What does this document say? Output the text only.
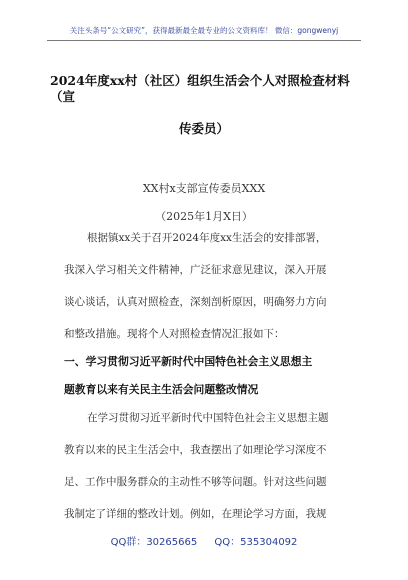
关注头条号“公文研究”，获得最新最全最专业的公文资料库！ 微信：gongwenyj
2024年度xx村（社区）组织生活会个人对照检查材料（宣
传委员）
XX村x支部宣传委员XXX
（2025年1月X日）
根据镇xx关于召开2024年度xx生活会的安排部署，
我深入学习相关文件精神，广泛征求意见建议，深入开展
谈心谈话，认真对照检查，深刻剖析原因，明确努力方向
和整改措施。现将个人对照检查情况汇报如下：
一、学习贯彻习近平新时代中国特色社会主义思想主
题教育以来有关民主生活会问题整改情况
在学习贯彻习近平新时代中国特色社会主义思想主题
教育以来的民主生活会中，我查摆出了如理论学习深度不
足、工作中服务群众的主动性不够等问题。针对这些问题
我制定了详细的整改计划。例如，在理论学习方面，我规
QQ群：30265665 QQ：535304092
